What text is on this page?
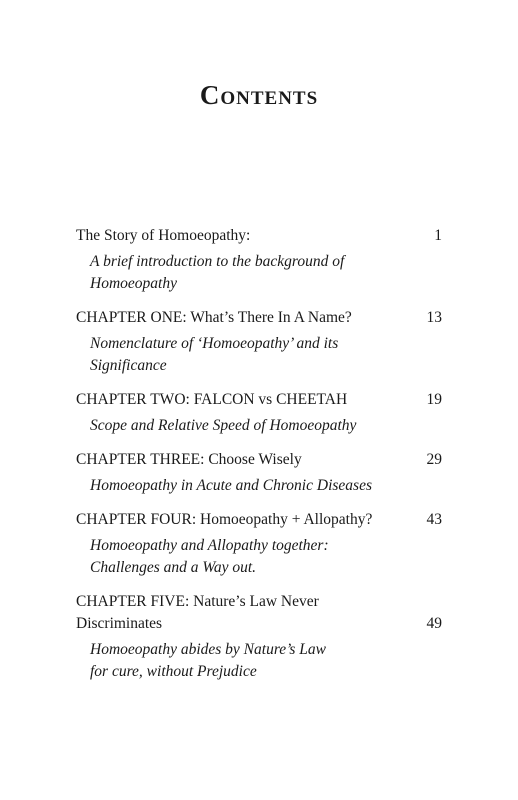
Contents
The Story of Homoeopathy:	1
A brief introduction to the background of
Homoeopathy
CHAPTER ONE: What’s There In A Name?	13
Nomenclature of ‘Homoeopathy’ and its
Significance
CHAPTER TWO: FALCON vs CHEETAH	19
Scope and Relative Speed of Homoeopathy
CHAPTER THREE: Choose Wisely	29
Homoeopathy in Acute and Chronic Diseases
CHAPTER FOUR: Homoeopathy + Allopathy?	43
Homoeopathy and Allopathy together:
Challenges and a Way out.
CHAPTER FIVE: Nature’s Law Never
Discriminates	49
Homoeopathy abides by Nature’s Law
for cure, without Prejudice
